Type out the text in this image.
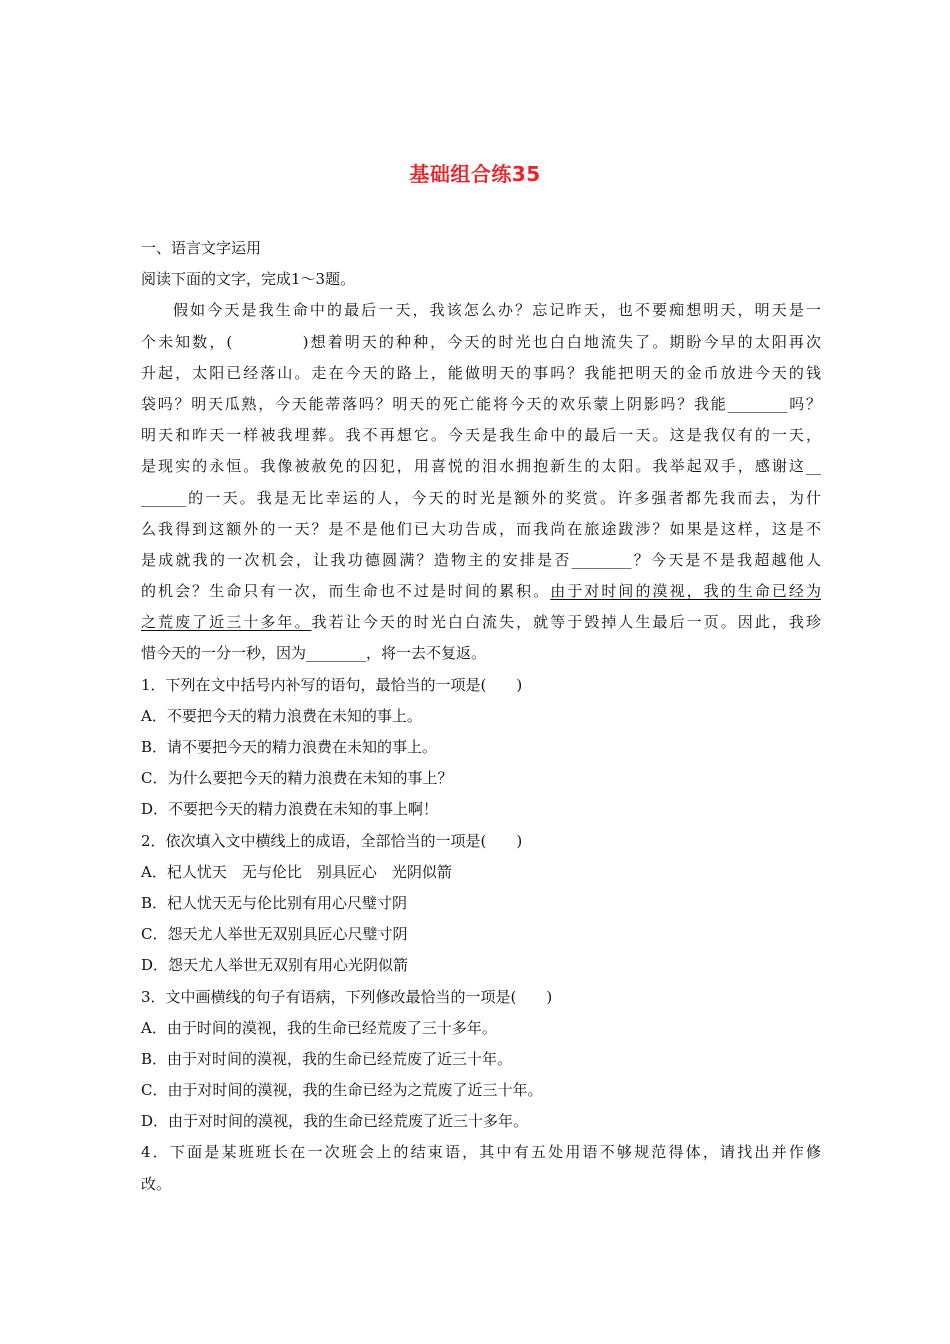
基础组合练35
一、语言文字运用
阅读下面的文字，完成1～3题。
假如今天是我生命中的最后一天，我该怎么办？忘记昨天，也不要痴想明天，明天是一
个未知数，(　　　　)想着明天的种种，今天的时光也白白地流失了。期盼今早的太阳再次
升起，太阳已经落山。走在今天的路上，能做明天的事吗？我能把明天的金币放进今天的钱
袋吗？明天瓜熟，今天能蒂落吗？明天的死亡能将今天的欢乐蒙上阴影吗？我能________吗？
明天和昨天一样被我埋葬。我不再想它。今天是我生命中的最后一天。这是我仅有的一天，
是现实的永恒。我像被赦免的囚犯，用喜悦的泪水拥抱新生的太阳。我举起双手，感谢这__
______的一天。我是无比幸运的人，今天的时光是额外的奖赏。许多强者都先我而去，为什
么我得到这额外的一天？是不是他们已大功告成，而我尚在旅途跋涉？如果是这样，这是不
是成就我的一次机会，让我功德圆满？造物主的安排是否________？今天是不是我超越他人
的机会？生命只有一次，而生命也不过是时间的累积。由于对时间的漠视，我的生命已经为
之荒废了近三十多年。我若让今天的时光白白流失，就等于毁掉人生最后一页。因此，我珍
惜今天的一分一秒，因为________，将一去不复返。
1．下列在文中括号内补写的语句，最恰当的一项是(　　)
A．不要把今天的精力浪费在未知的事上。
B．请不要把今天的精力浪费在未知的事上。
C．为什么要把今天的精力浪费在未知的事上？
D．不要把今天的精力浪费在未知的事上啊！
2．依次填入文中横线上的成语，全部恰当的一项是(　　)
A．杞人忧天　无与伦比　别具匠心　光阴似箭
B．杞人忧天无与伦比别有用心尺璧寸阴
C．怨天尤人举世无双别具匠心尺璧寸阴
D．怨天尤人举世无双别有用心光阴似箭
3．文中画横线的句子有语病，下列修改最恰当的一项是(　　)
A．由于时间的漠视，我的生命已经荒废了三十多年。
B．由于对时间的漠视，我的生命已经荒废了近三十年。
C．由于对时间的漠视，我的生命已经为之荒废了近三十年。
D．由于对时间的漠视，我的生命已经荒废了近三十多年。
4．下面是某班班长在一次班会上的结束语，其中有五处用语不够规范得体，请找出并作修
改。
